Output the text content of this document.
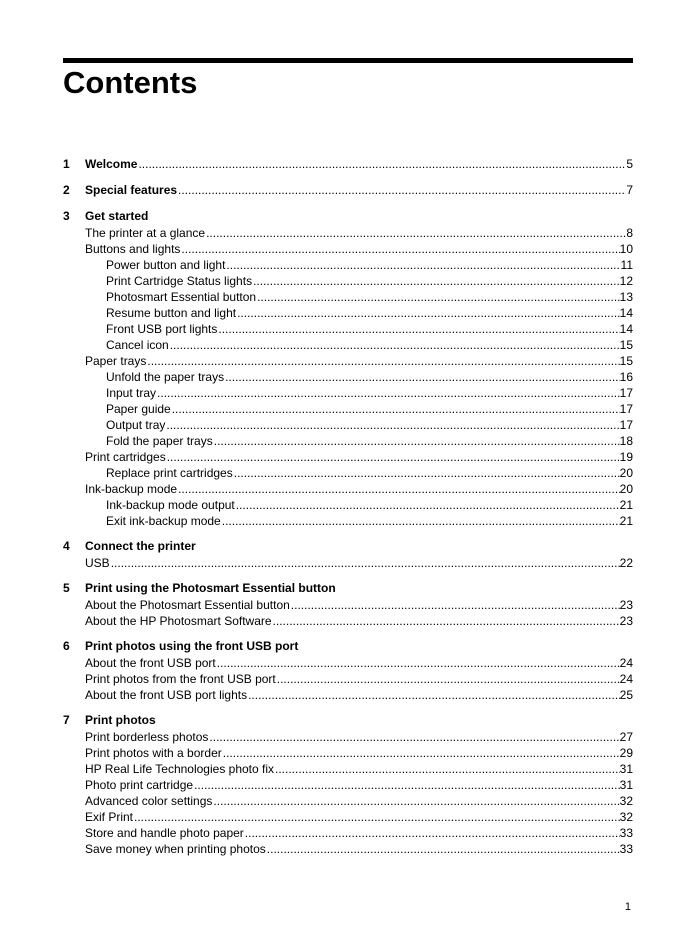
Contents
1	Welcome .....	5
2	Special features .....	7
3	Get started
The printer at a glance .....	8
Buttons and lights .....	10
Power button and light .....	11
Print Cartridge Status lights .....	12
Photosmart Essential button .....	13
Resume button and light .....	14
Front USB port lights .....	14
Cancel icon .....	15
Paper trays .....	15
Unfold the paper trays .....	16
Input tray .....	17
Paper guide .....	17
Output tray .....	17
Fold the paper trays .....	18
Print cartridges .....	19
Replace print cartridges .....	20
Ink-backup mode .....	20
Ink-backup mode output .....	21
Exit ink-backup mode .....	21
4	Connect the printer
USB .....	22
5	Print using the Photosmart Essential button
About the Photosmart Essential button .....	23
About the HP Photosmart Software .....	23
6	Print photos using the front USB port
About the front USB port .....	24
Print photos from the front USB port .....	24
About the front USB port lights .....	25
7	Print photos
Print borderless photos .....	27
Print photos with a border .....	29
HP Real Life Technologies photo fix .....	31
Photo print cartridge .....	31
Advanced color settings .....	32
Exif Print .....	32
Store and handle photo paper .....	33
Save money when printing photos .....	33
1
